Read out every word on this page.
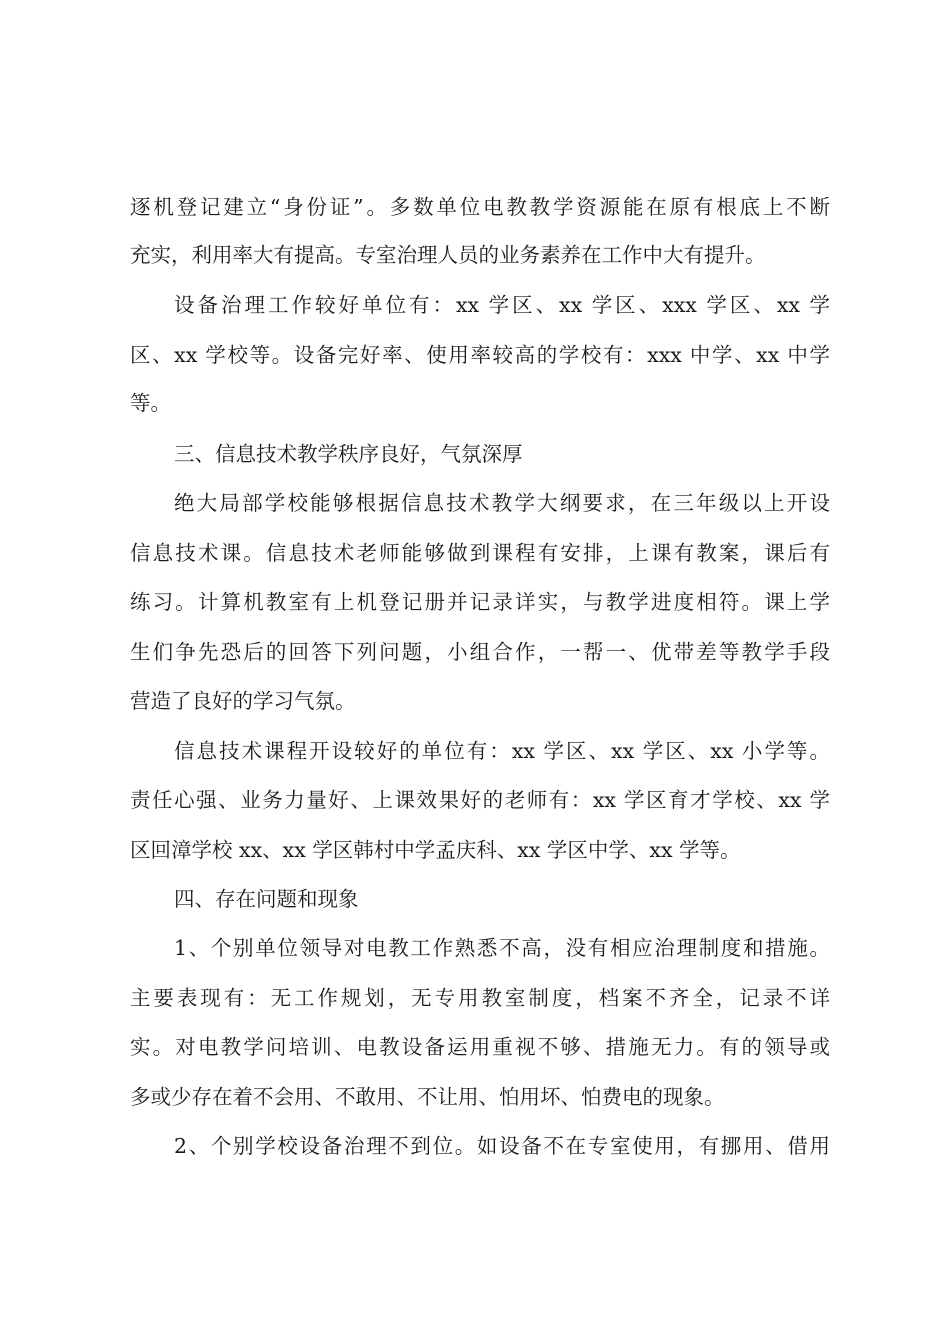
逐机登记建立“身份证”。多数单位电教教学资源能在原有根底上不断
充实，利用率大有提高。专室治理人员的业务素养在工作中大有提升。
设备治理工作较好单位有：xx 学区、xx 学区、xxx 学区、xx 学
区、xx 学校等。设备完好率、使用率较高的学校有：xxx 中学、xx 中学
等。
三、信息技术教学秩序良好，气氛深厚
绝大局部学校能够根据信息技术教学大纲要求，在三年级以上开设
信息技术课。信息技术老师能够做到课程有安排，上课有教案，课后有
练习。计算机教室有上机登记册并记录详实，与教学进度相符。课上学
生们争先恐后的回答下列问题，小组合作，一帮一、优带差等教学手段
营造了良好的学习气氛。
信息技术课程开设较好的单位有：xx 学区、xx 学区、xx 小学等。
责任心强、业务力量好、上课效果好的老师有：xx 学区育才学校、xx 学
区回漳学校 xx、xx 学区韩村中学孟庆科、xx 学区中学、xx 学等。
四、存在问题和现象
1、个别单位领导对电教工作熟悉不高，没有相应治理制度和措施。
主要表现有：无工作规划，无专用教室制度，档案不齐全，记录不详
实。对电教学问培训、电教设备运用重视不够、措施无力。有的领导或
多或少存在着不会用、不敢用、不让用、怕用坏、怕费电的现象。
2、个别学校设备治理不到位。如设备不在专室使用，有挪用、借用
